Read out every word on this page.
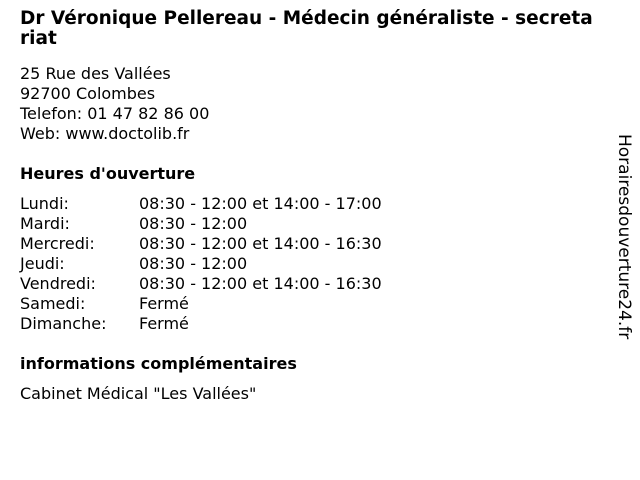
Dr Véronique Pellereau - Médecin généraliste - secretariat
25 Rue des Vallées
92700 Colombes
Telefon: 01 47 82 86 00
Web: www.doctolib.fr
Heures d'ouverture
Lundi:	08:30 - 12:00 et 14:00 - 17:00
Mardi:	08:30 - 12:00
Mercredi:	08:30 - 12:00 et 14:00 - 16:30
Jeudi:	08:30 - 12:00
Vendredi:	08:30 - 12:00 et 14:00 - 16:30
Samedi:	Fermé
Dimanche: Fermé
informations complémentaires
Cabinet Médical "Les Vallées"
Horairesdouverture24.fr
